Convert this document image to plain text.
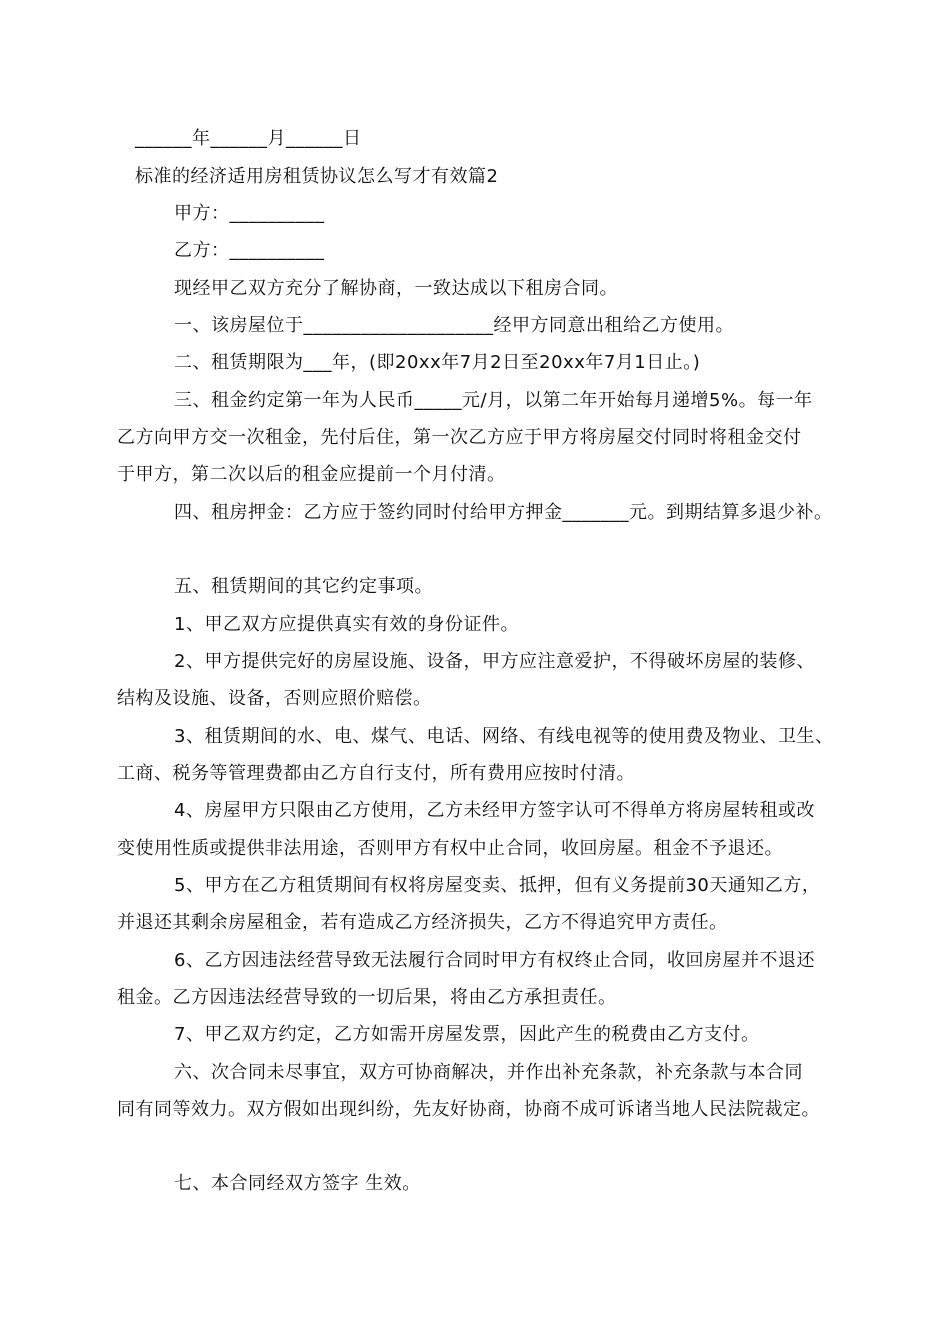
______年______月______日
标准的经济适用房租赁协议怎么写才有效篇2
甲方：__________
乙方：__________
现经甲乙双方充分了解协商，一致达成以下租房合同。
一、该房屋位于____________________经甲方同意出租给乙方使用。
二、租赁期限为___年，(即20xx年7月2日至20xx年7月1日止。)
三、租金约定第一年为人民币_____元/月，以第二年开始每月递增5%。每一年
乙方向甲方交一次租金，先付后住，第一次乙方应于甲方将房屋交付同时将租金交付
于甲方，第二次以后的租金应提前一个月付清。
四、租房押金：乙方应于签约同时付给甲方押金_______元。到期结算多退少补。
五、租赁期间的其它约定事项。
1、甲乙双方应提供真实有效的身份证件。
2、甲方提供完好的房屋设施、设备，甲方应注意爱护，不得破坏房屋的装修、
结构及设施、设备，否则应照价赔偿。
3、租赁期间的水、电、煤气、电话、网络、有线电视等的使用费及物业、卫生、
工商、税务等管理费都由乙方自行支付，所有费用应按时付清。
4、房屋甲方只限由乙方使用，乙方未经甲方签字认可不得单方将房屋转租或改
变使用性质或提供非法用途，否则甲方有权中止合同，收回房屋。租金不予退还。
5、甲方在乙方租赁期间有权将房屋变卖、抵押，但有义务提前30天通知乙方，
并退还其剩余房屋租金，若有造成乙方经济损失，乙方不得追究甲方责任。
6、乙方因违法经营导致无法履行合同时甲方有权终止合同，收回房屋并不退还
租金。乙方因违法经营导致的一切后果，将由乙方承担责任。
7、甲乙双方约定，乙方如需开房屋发票，因此产生的税费由乙方支付。
六、次合同未尽事宜，双方可协商解决，并作出补充条款，补充条款与本合同
同有同等效力。双方假如出现纠纷，先友好协商，协商不成可诉诸当地人民法院裁定。
七、本合同经双方签字 生效。
